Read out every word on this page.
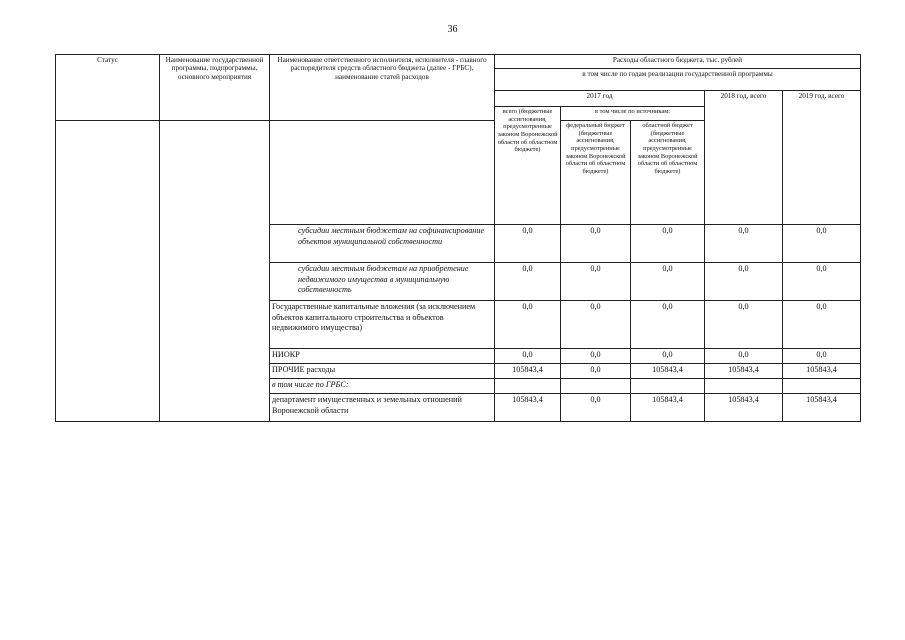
36
Статус	Наименование государственной программы, подпрограммы, основного мероприятия	Наименование ответственного исполнителя, исполнителя - главного распорядителя средств областного бюджета (далее - ГРБС), наименование статей расходов	Расходы областного бюджета, тыс. рублей				
			в том числе по годам реализации государственной программы				
			2017 год			2018 год, всего	2019 год, всего
			всего (бюджетные ассигнования, предусмотренные законом Воронежской области об областном бюджете)	в том числе по источникам:			
				федеральный бюджет (бюджетные ассигнования, предусмотренные законом Воронежской области об областном бюджете)	областной бюджет (бюджетные ассигнования, предусмотренные законом Воронежской области об областном бюджете)		
		субсидии местным бюджетам на софинансирование объектов муниципальной собственности	0,0	0,0	0,0	0,0	0,0
		субсидии местным бюджетам на приобретение недвижимого имущества в муниципальную собственность	0,0	0,0	0,0	0,0	0,0
		Государственные капитальные вложения (за исключением объектов капитального строительства и объектов недвижимого имущества)	0,0	0,0	0,0	0,0	0,0
		НИОКР	0,0	0,0	0,0	0,0	0,0
		ПРОЧИЕ расходы	105843,4	0,0	105843,4	105843,4	105843,4
		в том числе по ГРБС:					
		департамент имущественных и земельных отношений Воронежской области	105843,4	0,0	105843,4	105843,4	105843,4
